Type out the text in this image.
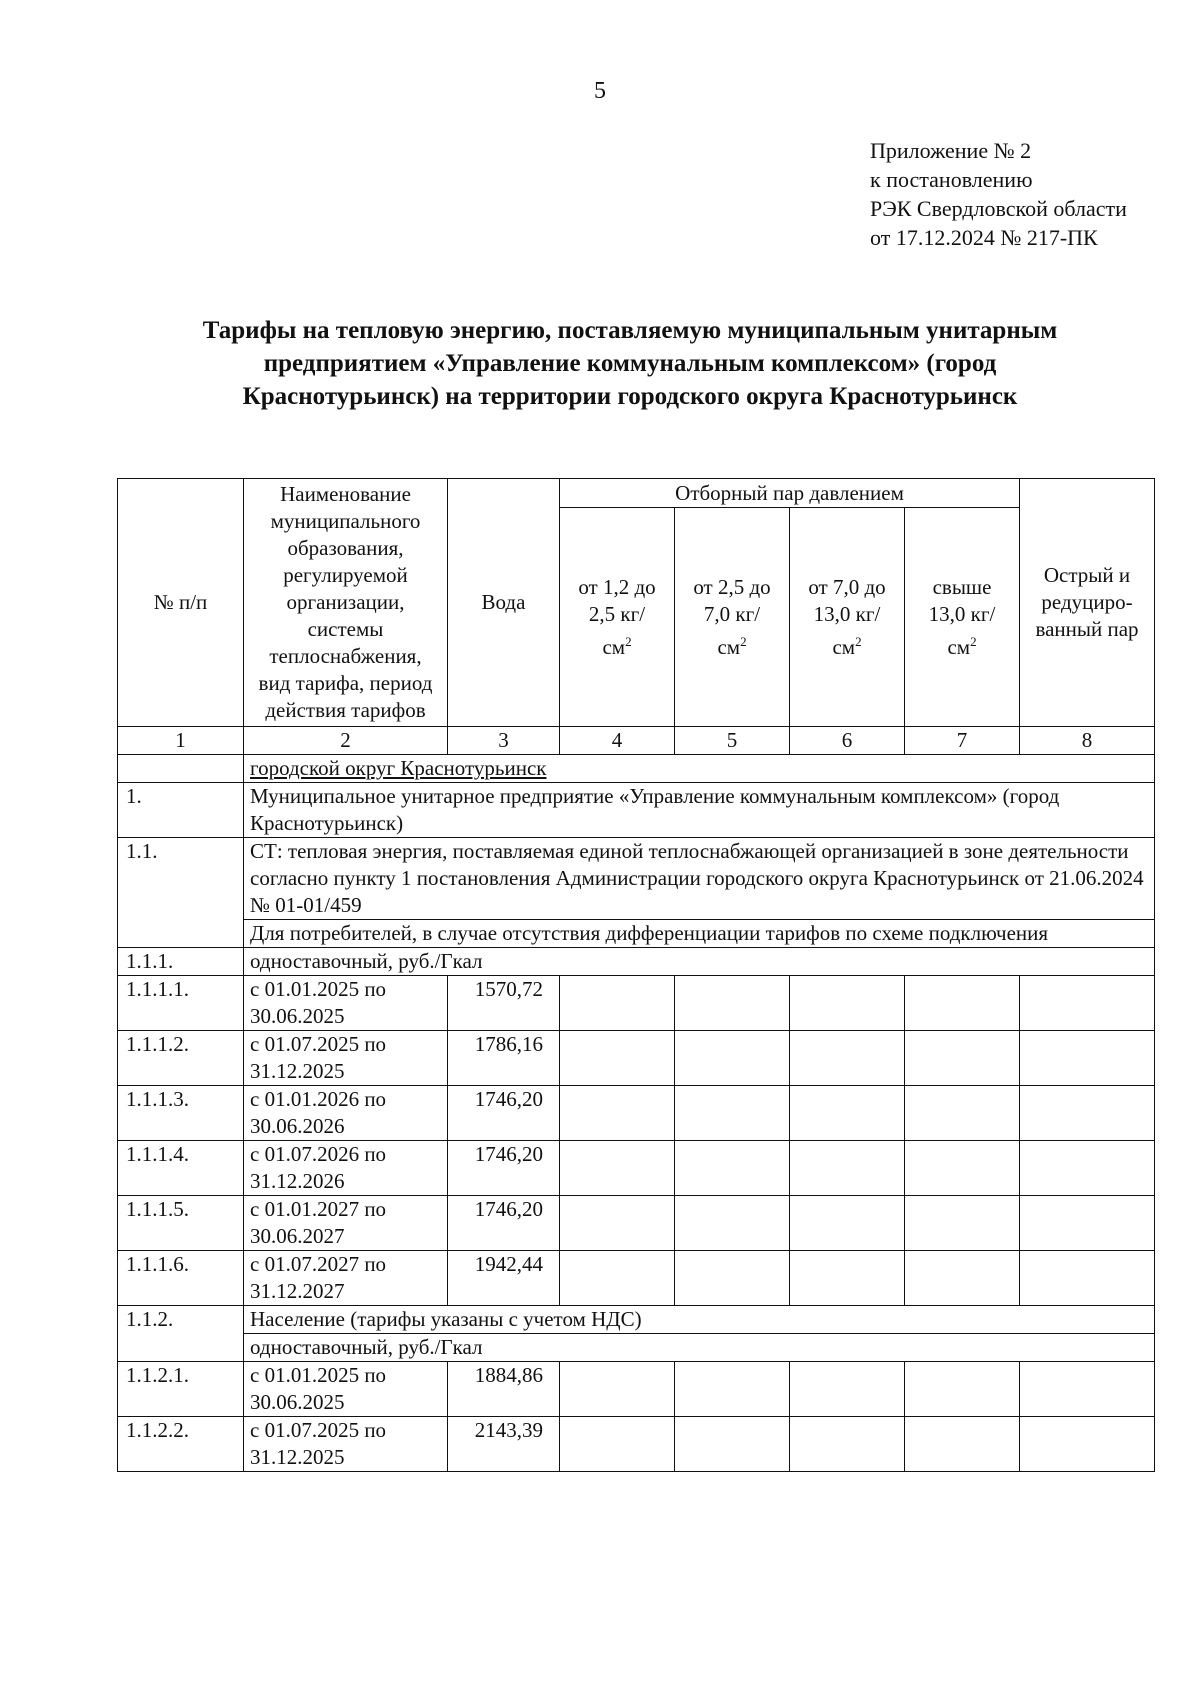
5
Приложение № 2
к постановлению
РЭК Свердловской области
от 17.12.2024 № 217-ПК
Тарифы на тепловую энергию, поставляемую муниципальным унитарным
предприятием «Управление коммунальным комплексом» (город
Краснотурьинск) на территории городского округа Краснотурьинск
№ п/п	Наименование муниципального образования, регулируемой организации, системы теплоснабжения, вид тарифа, период действия тарифов	Вода	Отборный пар давлением				Острый и редуциро-ванный пар
			от 1,2 до 2,5 $кг/см^2$	от 2,5 до 7,0 $кг/см^2$	от 7,0 до 13,0 $кг/см^2$	свыше 13,0 $кг/см^2$
1	2	3	4	5	6	7	8
	городской округ Краснотурьинск						
1.	Муниципальное унитарное предприятие «Управление коммунальным комплексом» (город Краснотурьинск)						
1.1.	СТ: тепловая энергия, поставляемая единой теплоснабжающей организацией в зоне деятельности согласно пункту 1 постановления Администрации городского округа Краснотурьинск от 21.06.2024 № 01-01/459						
	Для потребителей, в случае отсутствия дифференциации тарифов по схеме подключения						
1.1.1.	одноставочный, руб./Гкал						
1.1.1.1.	с 01.01.2025 по 30.06.2025	1570,72					
1.1.1.2.	с 01.07.2025 по 31.12.2025	1786,16					
1.1.1.3.	с 01.01.2026 по 30.06.2026	1746,20					
1.1.1.4.	с 01.07.2026 по 31.12.2026	1746,20					
1.1.1.5.	с 01.01.2027 по 30.06.2027	1746,20					
1.1.1.6.	с 01.07.2027 по 31.12.2027	1942,44					
1.1.2.	Население (тарифы указаны с учетом НДС)						
	одноставочный, руб./Гкал						
1.1.2.1.	с 01.01.2025 по 30.06.2025	1884,86					
1.1.2.2.	с 01.07.2025 по 31.12.2025	2143,39					
